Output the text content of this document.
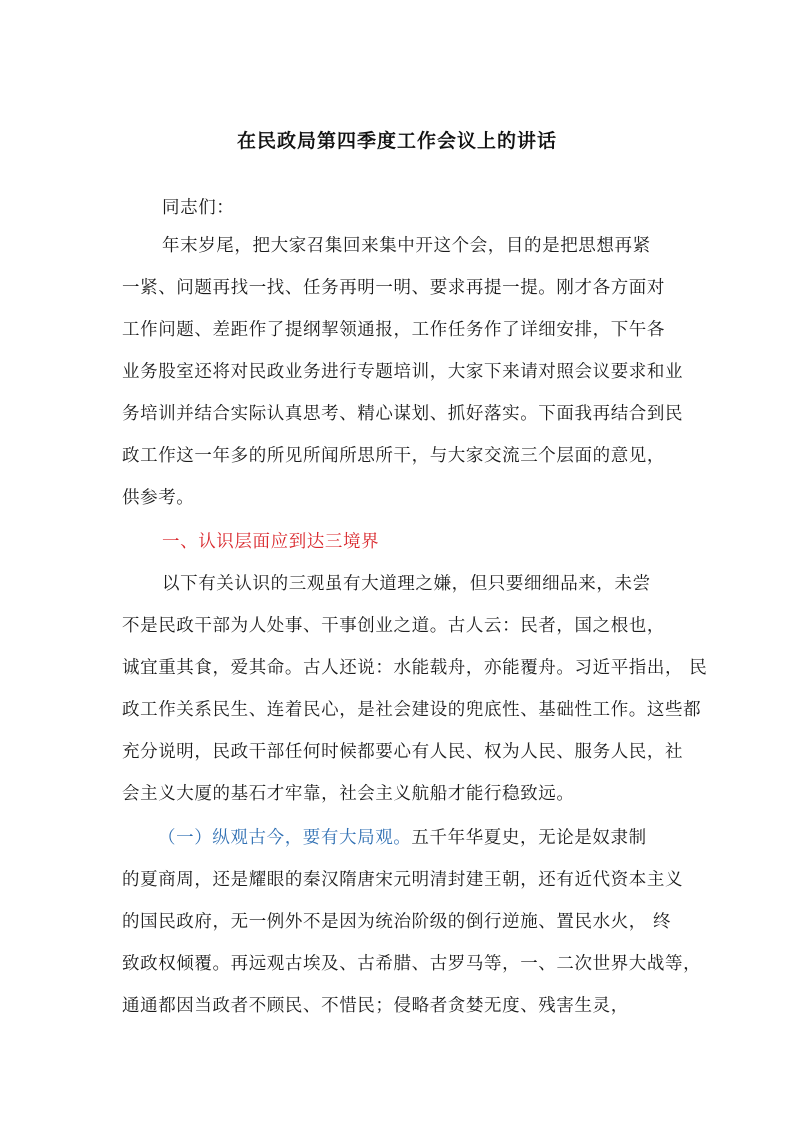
在民政局第四季度工作会议上的讲话
同志们：
年末岁尾，把大家召集回来集中开这个会，目的是把思想再紧
一紧、问题再找一找、任务再明一明、要求再提一提。刚才各方面对
工作问题、差距作了提纲挈领通报，工作任务作了详细安排，下午各
业务股室还将对民政业务进行专题培训，大家下来请对照会议要求和业
务培训并结合实际认真思考、精心谋划、抓好落实。下面我再结合到民
政工作这一年多的所见所闻所思所干，与大家交流三个层面的意见，
供参考。
一、认识层面应到达三境界
以下有关认识的三观虽有大道理之嫌，但只要细细品来，未尝
不是民政干部为人处事、干事创业之道。古人云：民者，国之根也，
诚宜重其食，爱其命。古人还说：水能载舟，亦能覆舟。习近平指出， 民
政工作关系民生、连着民心，是社会建设的兜底性、基础性工作。这些都
充分说明，民政干部任何时候都要心有人民、权为人民、服务人民，社
会主义大厦的基石才牢靠，社会主义航船才能行稳致远。
（一）纵观古今，要有大局观。五千年华夏史，无论是奴隶制
的夏商周，还是耀眼的秦汉隋唐宋元明清封建王朝，还有近代资本主义
的国民政府，无一例外不是因为统治阶级的倒行逆施、置民水火， 终
致政权倾覆。再远观古埃及、古希腊、古罗马等，一、二次世界大战等，
通通都因当政者不顾民、不惜民；侵略者贪婪无度、残害生灵，
